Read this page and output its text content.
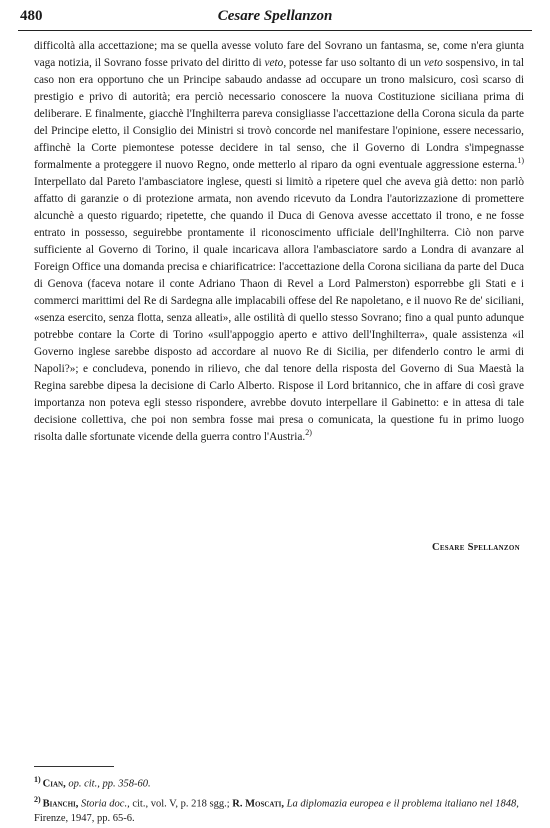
480	Cesare Spellanzon

difficoltà alla accettazione; ma se quella avesse voluto fare del Sovrano un fantasma, se, come n'era giunta vaga notizia, il Sovrano fosse privato del diritto di veto, potesse far uso soltanto di un veto sospensivo, in tal caso non era opportuno che un Principe sabaudo andasse ad occupare un trono malsicuro, così scarso di prestigio e privo di autorità; era perciò necessario conoscere la nuova Costituzione siciliana prima di deliberare. E finalmente, giacchè l'Inghilterra pareva consigliasse l'accettazione della Corona sicula da parte del Principe eletto, il Consiglio dei Ministri si trovò concorde nel manifestare l'opinione, essere necessario, affinchè la Corte piemontese potesse decidere in tal senso, che il Governo di Londra s'impegnasse formalmente a proteggere il nuovo Regno, onde metterlo al riparo da ogni eventuale aggressione esterna.$^{1)}$ Interpellato dal Pareto l'ambasciatore inglese, questi si limitò a ripetere quel che aveva già detto: non parlò affatto di garanzie o di protezione armata, non avendo ricevuto da Londra l'autorizzazione di promettere alcunchè a questo riguardo; ripetette, che quando il Duca di Genova avesse accettato il trono, e ne fosse entrato in possesso, seguirebbe prontamente il riconoscimento ufficiale dell'Inghilterra. Ciò non parve sufficiente al Governo di Torino, il quale incaricava allora l'ambasciatore sardo a Londra di avanzare al Foreign Office una domanda precisa e chiarificatrice: l'accettazione della Corona siciliana da parte del Duca di Genova (faceva notare il conte Adriano Thaon di Revel a Lord Palmerston) esporrebbe gli Stati e i commerci marittimi del Re di Sardegna alle implacabili offese del Re napoletano, e il nuovo Re de' siciliani, «senza esercito, senza flotta, senza alleati», alle ostilità di quello stesso Sovrano; fino a qual punto adunque potrebbe contare la Corte di Torino «sull'appoggio aperto e attivo dell'Inghilterra», quale assistenza «il Governo inglese sarebbe disposto ad accordare al nuovo Re di Sicilia, per difenderlo contro le armi di Napoli?»; e concludeva, ponendo in rilievo, che dal tenore della risposta del Governo di Sua Maestà la Regina sarebbe dipesa la decisione di Carlo Alberto. Rispose il Lord britannico, che in affare di così grave importanza non poteva egli stesso rispondere, avrebbe dovuto interpellare il Gabinetto: e in attesa di tale decisione collettiva, che poi non sembra fosse mai presa o comunicata, la questione fu in primo luogo risolta dalle sfortunate vicende della guerra contro l'Austria.$^{2)}$

Cesare Spellanzon

$^{1)}$ Cian, op. cit., pp. 358-60.

$^{2)}$ Bianchi, Storia doc., cit., vol. V, p. 218 sgg.; R. Moscati, La diplomazia europea e il problema italiano nel 1848, Firenze, 1947, pp. 65-6.
